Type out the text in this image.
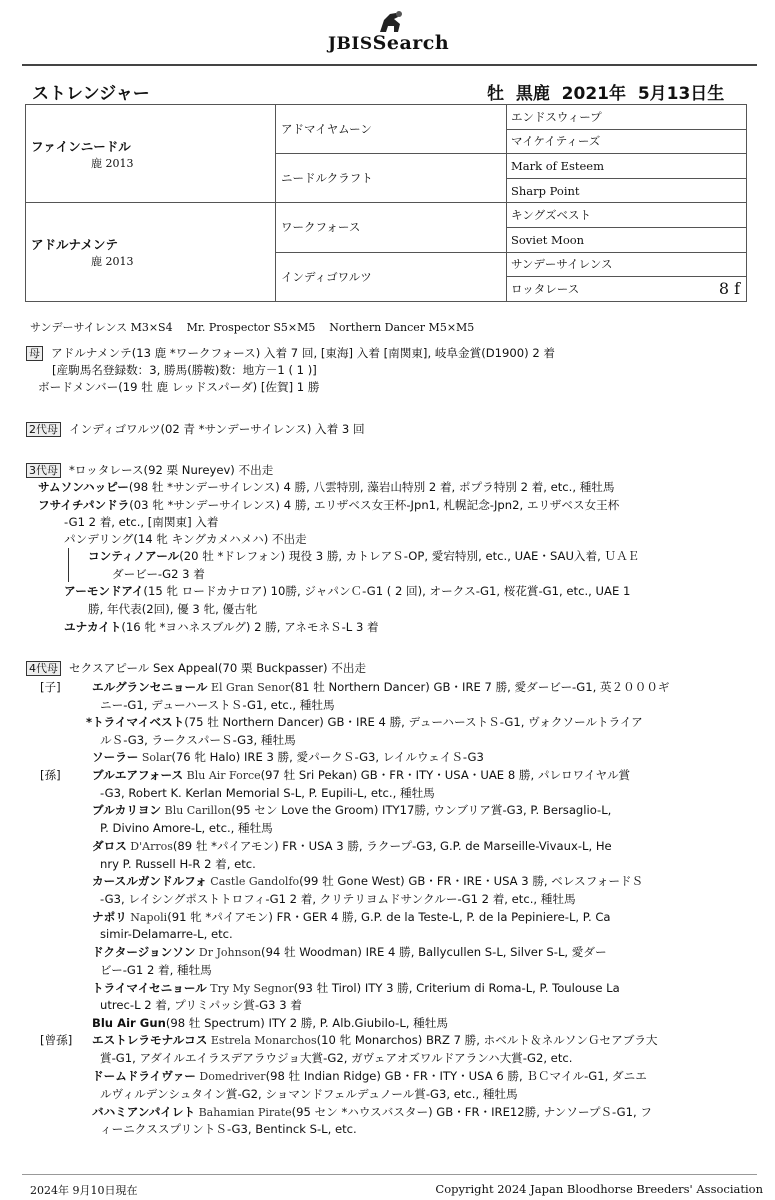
JBISSearch
ストレンジャー	牡  黒鹿  2021年  5月13日生
ファインニードル
鹿 2013	アドマイヤムーン	エンドスウィープ
		マイケイティーズ
	ニードルクラフト	Mark of Esteem
		Sharp Point

アドルナメンテ
鹿 2013	ワークフォース	キングズベスト
		Soviet Moon
	インディゴワルツ	サンデーサイレンス
		ロッタレース 8 f
サンデーサイレンス M3×S4    Mr. Prospector S5×M5    Northern Dancer M5×M5
母 アドルナメンテ(13 鹿 *ワークフォース) 入着 7 回, [東海] 入着 [南関東], 岐阜金賞(D1900) 2 着
[産駒馬名登録数：3, 勝馬(勝鞍)数：地方－1 ( 1 )]
ボードメンバー(19 牡 鹿 レッドスパーダ) [佐賀] 1 勝
2代母 インディゴワルツ(02 青 *サンデーサイレンス) 入着 3 回
3代母 *ロッタレース(92 栗 Nureyev) 不出走
サムソンハッピー(98 牡 *サンデーサイレンス) 4 勝, 八雲特別, 藻岩山特別 2 着, ポプラ特別 2 着, etc., 種牡馬
フサイチパンドラ(03 牝 *サンデーサイレンス) 4 勝, エリザベス女王杯-Jpn1, 札幌記念-Jpn2, エリザベス女王杯
-G1 2 着, etc., [南関東] 入着
パンデリング(14 牝 キングカメハメハ) 不出走
コンティノアール(20 牡 *ドレフォン) 現役 3 勝, カトレアＳ-OP, 愛宕特別, etc., UAE・SAU入着, ＵＡＥ
ダービー-G2 3 着
アーモンドアイ(15 牝 ロードカナロア) 10勝, ジャパンＣ-G1 ( 2 回), オークス-G1, 桜花賞-G1, etc., UAE 1
勝, 年代表(2回), 優 3 牝, 優古牝
ユナカイト(16 牝 *ヨハネスブルグ) 2 勝, アネモネＳ-L 3 着
4代母 セクスアピール Sex Appeal(70 栗 Buckpasser) 不出走
[子]
[孫]
[曾孫]
エルグランセニョール El Gran Senor(81 牡 Northern Dancer) GB・IRE 7 勝, 愛ダービー-G1, 英２０００ギ
ニー-G1, デューハーストＳ-G1, etc., 種牡馬
*トライマイベスト(75 牡 Northern Dancer) GB・IRE 4 勝, デューハーストＳ-G1, ヴォクソールトライア
ルＳ-G3, ラークスパーＳ-G3, 種牡馬
ソーラー Solar(76 牝 Halo) IRE 3 勝, 愛パークＳ-G3, レイルウェイＳ-G3
ブルエアフォース Blu Air Force(97 牡 Sri Pekan) GB・FR・ITY・USA・UAE 8 勝, パレロワイヤル賞
-G3, Robert K. Kerlan Memorial S-L, P. Eupili-L, etc., 種牡馬
ブルカリヨン Blu Carillon(95 セン Love the Groom) ITY17勝, ウンブリア賞-G3, P. Bersaglio-L,
P. Divino Amore-L, etc., 種牡馬
ダロス D'Arros(89 牡 *パイアモン) FR・USA 3 勝, ラクープ-G3, G.P. de Marseille-Vivaux-L, He
nry P. Russell H-R 2 着, etc.
カースルガンドルフォ Castle Gandolfo(99 牡 Gone West) GB・FR・IRE・USA 3 勝, ベレスフォードＳ
-G3, レイシングポストトロフィ-G1 2 着, クリテリヨムドサンクルー-G1 2 着, etc., 種牡馬
ナポリ Napoli(91 牝 *パイアモン) FR・GER 4 勝, G.P. de la Teste-L, P. de la Pepiniere-L, P. Ca
simir-Delamarre-L, etc.
ドクタージョンソン Dr Johnson(94 牡 Woodman) IRE 4 勝, Ballycullen S-L, Silver S-L, 愛ダー
ビー-G1 2 着, 種牡馬
トライマイセニョール Try My Segnor(93 牡 Tirol) ITY 3 勝, Criterium di Roma-L, P. Toulouse La
utrec-L 2 着, プリミパッシ賞-G3 3 着
Blu Air Gun(98 牡 Spectrum) ITY 2 勝, P. Alb.Giubilo-L, 種牡馬
エストレラモナルコス Estrela Monarchos(10 牝 Monarchos) BRZ 7 勝, ホベルト＆ネルソンＧセアブラ大
賞-G1, アダイルエイラスデアラウジョ大賞-G2, ガヴェアオズワルドアランハ大賞-G2, etc.
ドームドライヴァー Domedriver(98 牡 Indian Ridge) GB・FR・ITY・USA 6 勝, ＢＣマイル-G1, ダニエ
ルヴィルデンシュタイン賞-G2, ショマンドフェルデュノール賞-G3, etc., 種牡馬
バハミアンパイレト Bahamian Pirate(95 セン *ハウスバスター) GB・FR・IRE12勝, ナンソープＳ-G1, フ
ィーニクススプリントＳ-G3, Bentinck S-L, etc.
2024年 9月10日現在	Copyright 2024 Japan Bloodhorse Breeders' Association
